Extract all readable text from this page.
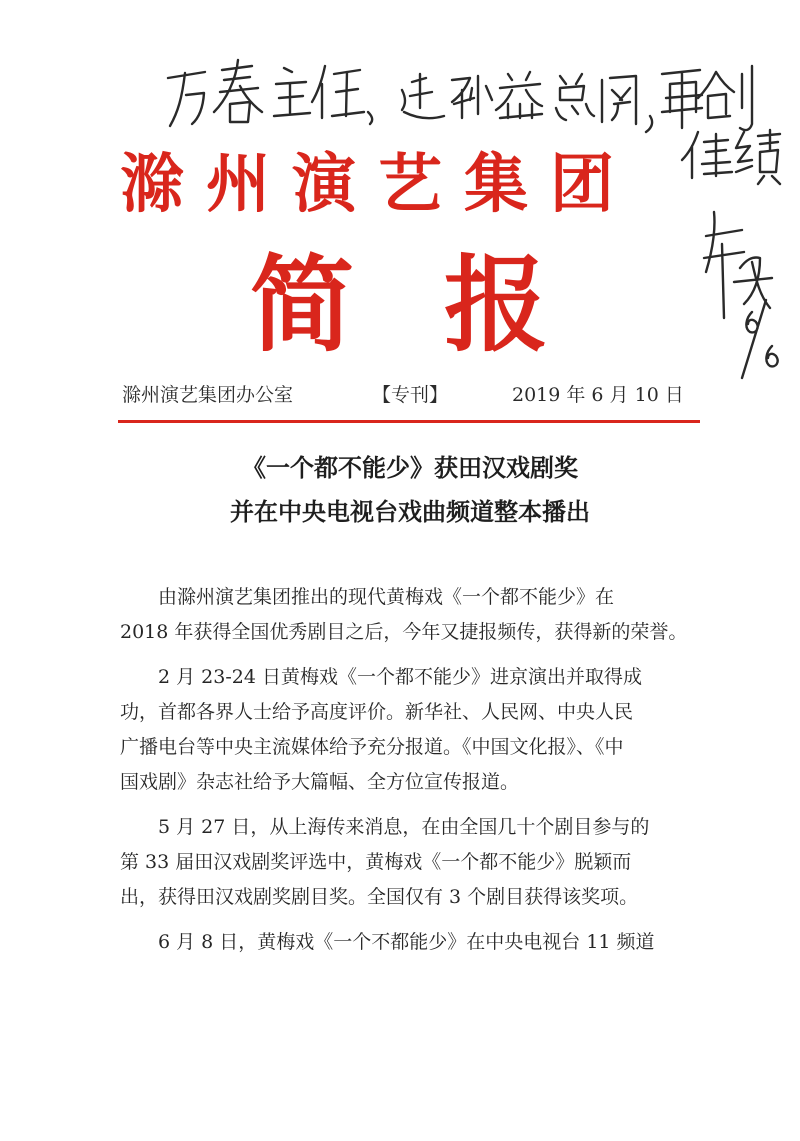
滁州演艺集团
简报
滁州演艺集团办公室	【专刊】	2019 年 6 月 10 日
《一个都不能少》获田汉戏剧奖
并在中央电视台戏曲频道整本播出

由滁州演艺集团推出的现代黄梅戏《一个都不能少》在
2018 年获得全国优秀剧目之后，今年又捷报频传，获得新的荣誉。

2 月 23-24 日黄梅戏《一个都不能少》进京演出并取得成
功，首都各界人士给予高度评价。新华社、人民网、中央人民
广播电台等中央主流媒体给予充分报道。《中国文化报》、《中
国戏剧》杂志社给予大篇幅、全方位宣传报道。

5 月 27 日，从上海传来消息，在由全国几十个剧目参与的
第 33 届田汉戏剧奖评选中，黄梅戏《一个都不能少》脱颖而
出，获得田汉戏剧奖剧目奖。全国仅有 3 个剧目获得该奖项。

6 月 8 日，黄梅戏《一个不都能少》在中央电视台 11 频道
